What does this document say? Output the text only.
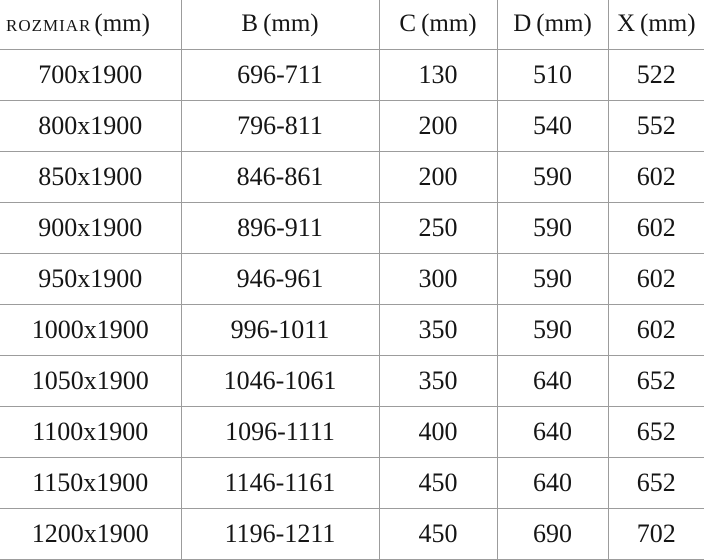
ROZMIAR (mm)	B (mm)	C (mm)	D (mm)	X (mm)
700x1900	696-711	130	510	522
800x1900	796-811	200	540	552
850x1900	846-861	200	590	602
900x1900	896-911	250	590	602
950x1900	946-961	300	590	602
1000x1900	996-1011	350	590	602
1050x1900	1046-1061	350	640	652
1100x1900	1096-1111	400	640	652
1150x1900	1146-1161	450	640	652
1200x1900	1196-1211	450	690	702
